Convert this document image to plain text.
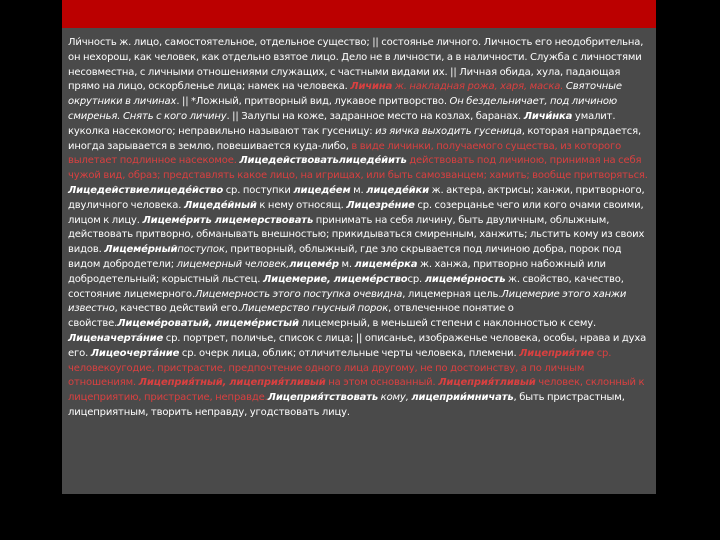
Ли́чность ж. лицо, самостоятельное, отдельное существо; || состоянье личного. Личность его неодобрительна, он нехорош, как человек, как отдельно взятое лицо. Дело не в личности, а в наличности. Служба с личностями несовместна, с личными отношениями служащих, с частными видами их. || Личная обида, хула, падающая прямо на лицо, оскорбленье лица; намек на человека. Личина ж. накладная рожа, харя, маска. Святочные окрутники в личинах. || *Ложный, притворный вид, лукавое притворство. Он бездельничает, под личиною смиренья. Снять с кого личину. || Залупы на коже, задранное место на козлах, баранах. Личи́нка умалит. куколка насекомого; неправильно называют так гусеницу: из яичка выходить гусеница, которая напрядается, иногда зарывается в землю, повешивается куда-либо, в виде личинки, получаемого существа, из которого вылетает подлинное насекомое. Лицедействоватьлицеде́йить действовать под личиною, принимая на себя чужой вид, образ; представлять какое лицо, на игрищах, или быть самозванцем; хамить; вообще притворяться. Лицедействиелицеде́йство ср. поступки лицеде́ем м. лицеде́йки ж. актера, актрисы; ханжи, притворного, двуличного человека. Лицеде́йный к нему относящ. Лицезре́ние ср. созерцанье чего или кого очами своими, лицом к лицу. Лицеме́рить лицемерствовать принимать на себя личину, быть двуличным, облыжным, действовать притворно, обманывать внешностью; прикидываться смиренным, ханжить; льстить кому из своих видов. Лицеме́рныйпоступок, притворный, облыжный, где зло скрывается под личиною добра, порок под видом добродетели; лицемерный человек,лицеме́р м. лицеме́рка ж. ханжа, притворно набожный или добродетельный; корыстный льстец. Лицемерие, лицеме́рствоср. лицеме́рность ж. свойство, качество, состояние лицемерного.Лицемерность этого поступка очевидна, лицемерная цель.Лицемерие этого ханжи известно, качество действий его.Лицемерство гнусный порок, отвлеченное понятие о свойстве.Лицеме́роватый, лицеме́ристый лицемерный, в меньшей степени с наклонностью к сему. Лиценачерта́ние ср. портрет, поличье, список с лица; || описанье, изображенье человека, особы, нрава и духа его. Лицеочерта́ние ср. очерк лица, облик; отличительные черты человека, племени. Лицеприя́тие ср. человекоугодие, пристрастие, предпочтение одного лица другому, не по достоинству, а по личным отношениям. Лицеприя́тный, лицеприя́тливый на этом основанный. Лицеприя́тливый человек, склонный к лицеприятию, пристрастие, неправде.Лицеприя́тствовать кому, лицеприи́мничать, быть пристрастным, лицеприятным, творить неправду, угодствовать лицу.
